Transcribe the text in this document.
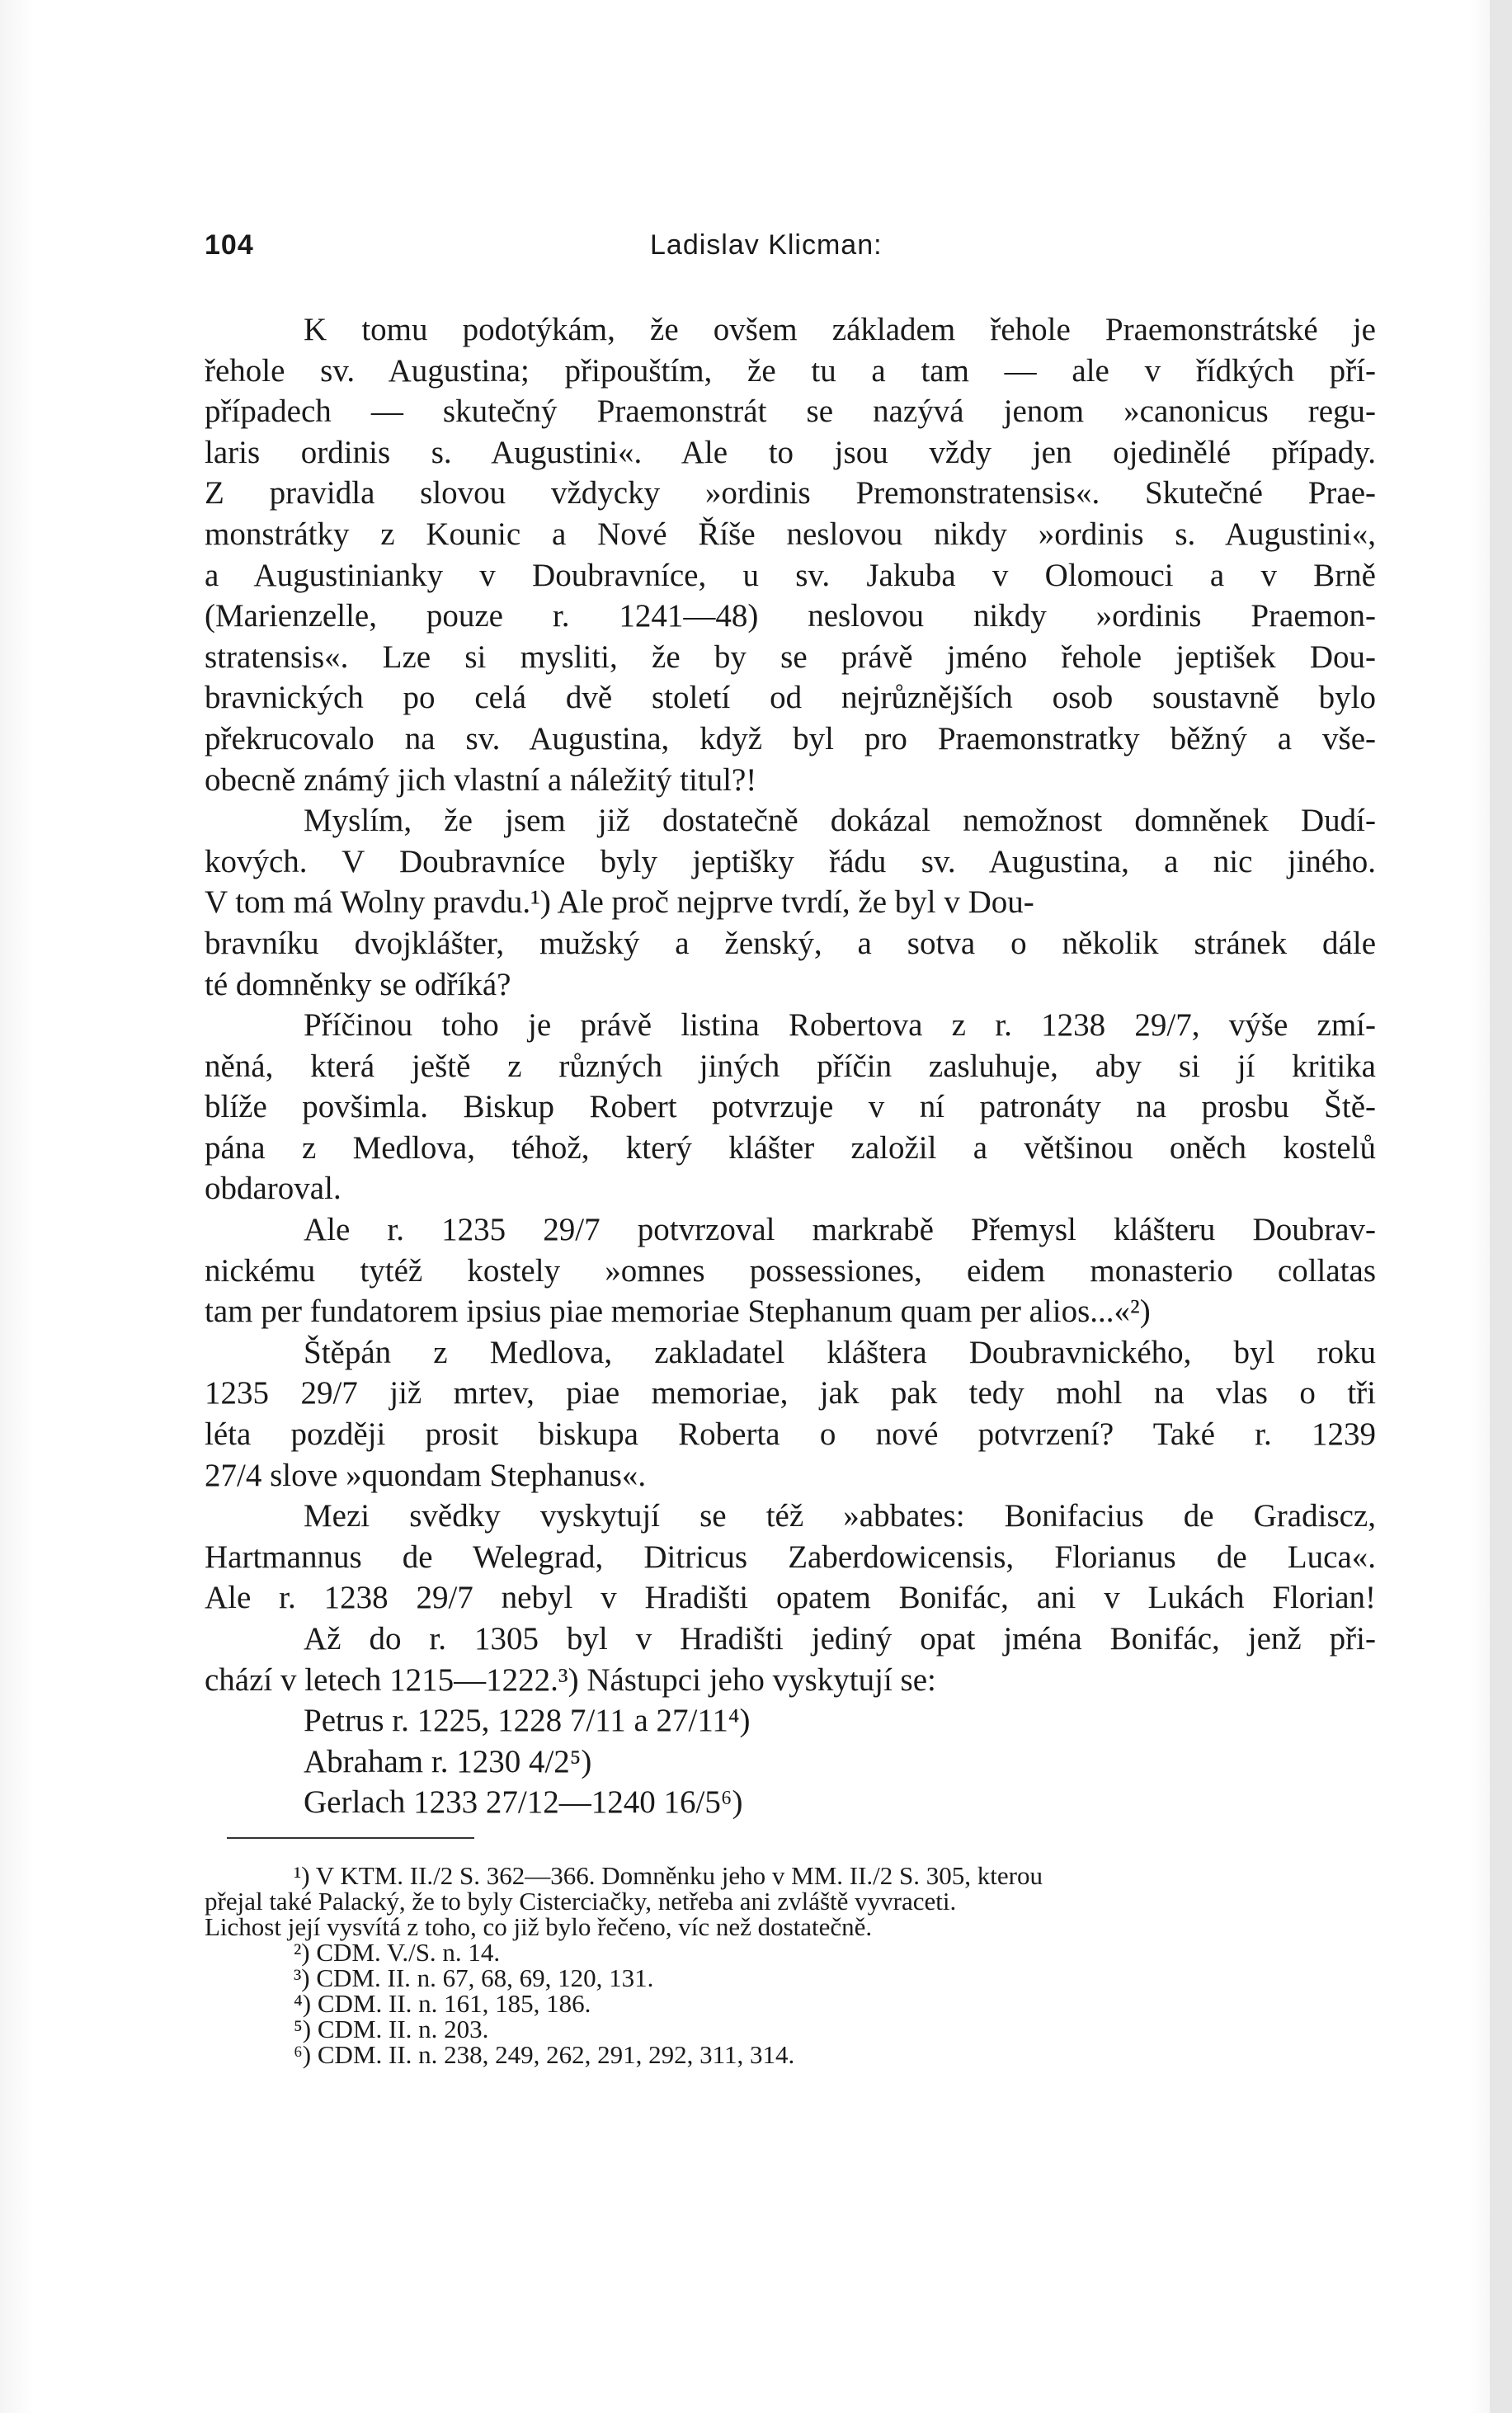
104	Ladislav Klicman:
K tomu podotýkám, že ovšem základem řehole Praemonstrátské je
řehole sv. Augustina; připouštím, že tu a tam — ale v řídkých pří-
případech — skutečný Praemonstrát se nazývá jenom »canonicus regu-
laris ordinis s. Augustini«. Ale to jsou vždy jen ojedinělé případy.
Z pravidla slovou vždycky »ordinis Premonstratensis«. Skutečné Prae-
monstrátky z Kounic a Nové Říše neslovou nikdy »ordinis s. Augustini«,
a Augustinianky v Doubravníce, u sv. Jakuba v Olomouci a v Brně
(Marienzelle, pouze r. 1241—48) neslovou nikdy »ordinis Praemon-
stratensis«. Lze si mysliti, že by se právě jméno řehole jeptišek Dou-
bravnických po celá dvě století od nejrůznějších osob soustavně bylo
překrucovalo na sv. Augustina, když byl pro Praemonstratky běžný a vše-
obecně známý jich vlastní a náležitý titul?!
Myslím, že jsem již dostatečně dokázal nemožnost domněnek Dudí-
kových. V Doubravníce byly jeptišky řádu sv. Augustina, a nic jiného.
V tom má Wolny pravdu.¹) Ale proč nejprve tvrdí, že byl v Dou-
bravníku dvojklášter, mužský a ženský, a sotva o několik stránek dále
té domněnky se odříká?
Příčinou toho je právě listina Robertova z r. 1238 29/7, výše zmí-
něná, která ještě z různých jiných příčin zasluhuje, aby si jí kritika
blíže povšimla. Biskup Robert potvrzuje v ní patronáty na prosbu Ště-
pána z Medlova, téhož, který klášter založil a většinou oněch kostelů
obdaroval.
Ale r. 1235 29/7 potvrzoval markrabě Přemysl klášteru Doubrav-
nickému tytéž kostely »omnes possessiones, eidem monasterio collatas
tam per fundatorem ipsius piae memoriae Stephanum quam per alios...«²)
Štěpán z Medlova, zakladatel kláštera Doubravnického, byl roku
1235 29/7 již mrtev, piae memoriae, jak pak tedy mohl na vlas o tři
léta později prosit biskupa Roberta o nové potvrzení? Také r. 1239
27/4 slove »quondam Stephanus«.
Mezi svědky vyskytují se též »abbates: Bonifacius de Gradiscz,
Hartmannus de Welegrad, Ditricus Zaberdowicensis, Florianus de Luca«.
Ale r. 1238 29/7 nebyl v Hradišti opatem Bonifác, ani v Lukách Florian!
Až do r. 1305 byl v Hradišti jediný opat jména Bonifác, jenž při-
chází v letech 1215—1222.³) Nástupci jeho vyskytují se:
Petrus r. 1225, 1228 7/11 a 27/11⁴)
Abraham r. 1230 4/2⁵)
Gerlach 1233 27/12—1240 16/5⁶)
¹) V KTM. II./2 S. 362—366. Domněnku jeho v MM. II./2 S. 305, kterou
přejal také Palacký, že to byly Cisterciačky, netřeba ani zvláště vyvraceti.
Lichost její vysvítá z toho, co již bylo řečeno, víc než dostatečně.
²) CDM. V./S. n. 14.
³) CDM. II. n. 67, 68, 69, 120, 131.
⁴) CDM. II. n. 161, 185, 186.
⁵) CDM. II. n. 203.
⁶) CDM. II. n. 238, 249, 262, 291, 292, 311, 314.
